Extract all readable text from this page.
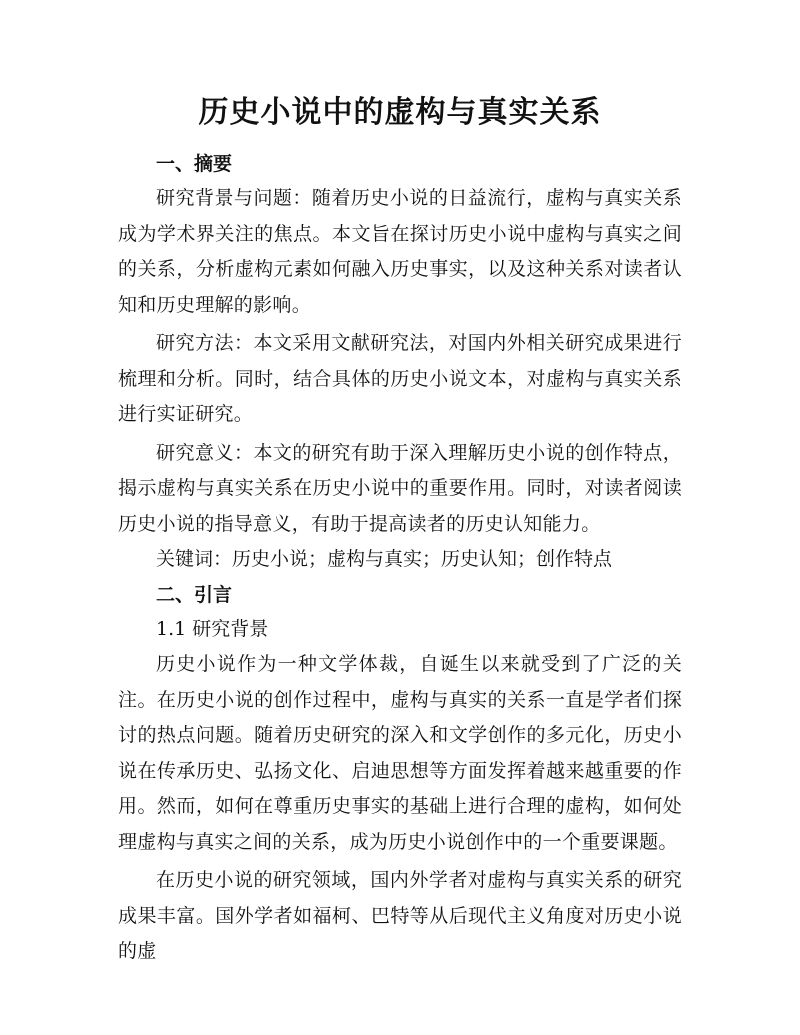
历史小说中的虚构与真实关系

一、摘要

研究背景与问题：随着历史小说的日益流行，虚构与真实关系成为学术界关注的焦点。本文旨在探讨历史小说中虚构与真实之间的关系，分析虚构元素如何融入历史事实，以及这种关系对读者认知和历史理解的影响。

研究方法：本文采用文献研究法，对国内外相关研究成果进行梳理和分析。同时，结合具体的历史小说文本，对虚构与真实关系进行实证研究。

研究意义：本文的研究有助于深入理解历史小说的创作特点，揭示虚构与真实关系在历史小说中的重要作用。同时，对读者阅读历史小说的指导意义，有助于提高读者的历史认知能力。

关键词：历史小说；虚构与真实；历史认知；创作特点

二、引言

1.1 研究背景

历史小说作为一种文学体裁，自诞生以来就受到了广泛的关注。在历史小说的创作过程中，虚构与真实的关系一直是学者们探讨的热点问题。随着历史研究的深入和文学创作的多元化，历史小说在传承历史、弘扬文化、启迪思想等方面发挥着越来越重要的作用。然而，如何在尊重历史事实的基础上进行合理的虚构，如何处理虚构与真实之间的关系，成为历史小说创作中的一个重要课题。

在历史小说的研究领域，国内外学者对虚构与真实关系的研究成果丰富。国外学者如福柯、巴特等从后现代主义角度对历史小说的虚
